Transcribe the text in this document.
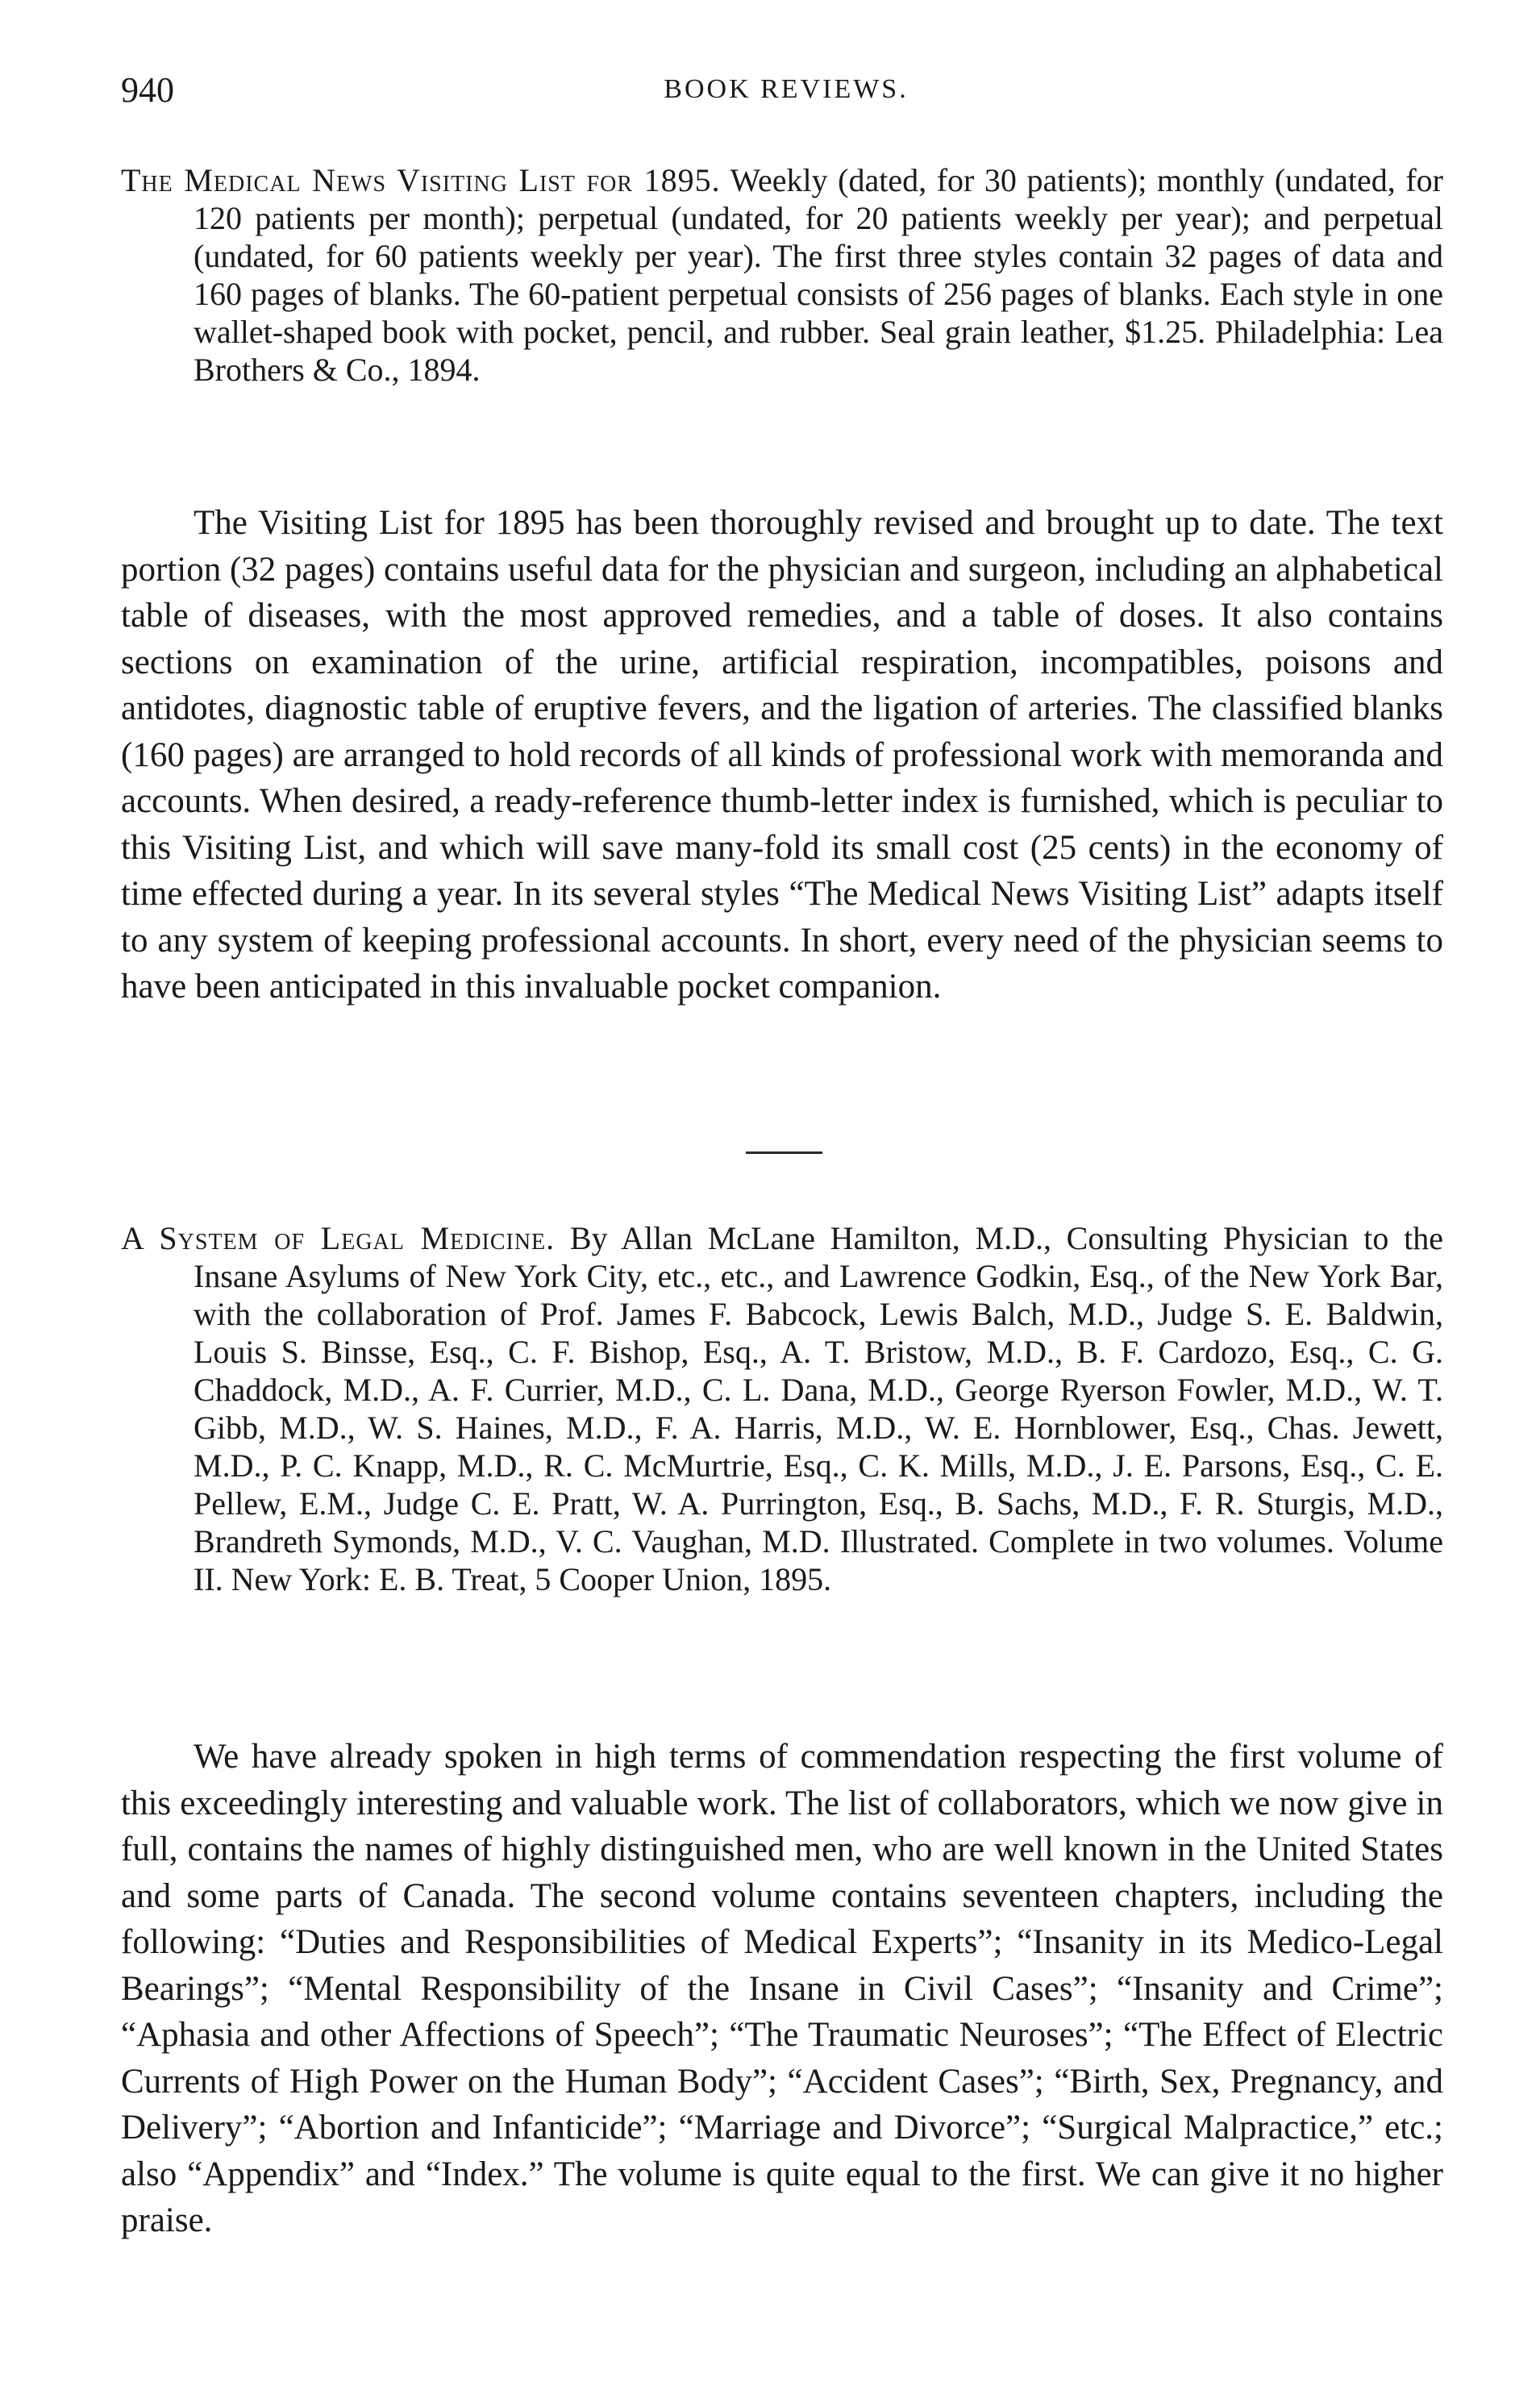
940	BOOK REVIEWS.

The Medical News Visiting List for 1895. Weekly (dated, for 30 patients); monthly (undated, for 120 patients per month); perpetual (undated, for 20 patients weekly per year); and perpetual (undated, for 60 patients weekly per year). The first three styles contain 32 pages of data and 160 pages of blanks. The 60-patient perpetual consists of 256 pages of blanks. Each style in one wallet-shaped book with pocket, pencil, and rubber. Seal grain leather, $1.25. Philadelphia: Lea Brothers & Co., 1894.

The Visiting List for 1895 has been thoroughly revised and brought up to date. The text portion (32 pages) contains useful data for the physician and surgeon, including an alphabetical table of diseases, with the most approved remedies, and a table of doses. It also contains sections on examination of the urine, artificial respiration, incompatibles, poisons and antidotes, diagnostic table of eruptive fevers, and the ligation of arteries. The classified blanks (160 pages) are arranged to hold records of all kinds of professional work with memoranda and accounts. When desired, a ready-reference thumb-letter index is furnished, which is peculiar to this Visiting List, and which will save many-fold its small cost (25 cents) in the economy of time effected during a year. In its several styles “The Medical News Visiting List” adapts itself to any system of keeping professional accounts. In short, every need of the physician seems to have been anticipated in this invaluable pocket companion.

A System of Legal Medicine. By Allan McLane Hamilton, M.D., Consulting Physician to the Insane Asylums of New York City, etc., etc., and Lawrence Godkin, Esq., of the New York Bar, with the collaboration of Prof. James F. Babcock, Lewis Balch, M.D., Judge S. E. Baldwin, Louis S. Binsse, Esq., C. F. Bishop, Esq., A. T. Bristow, M.D., B. F. Cardozo, Esq., C. G. Chaddock, M.D., A. F. Currier, M.D., C. L. Dana, M.D., George Ryerson Fowler, M.D., W. T. Gibb, M.D., W. S. Haines, M.D., F. A. Harris, M.D., W. E. Hornblower, Esq., Chas. Jewett, M.D., P. C. Knapp, M.D., R. C. McMurtrie, Esq., C. K. Mills, M.D., J. E. Parsons, Esq., C. E. Pellew, E.M., Judge C. E. Pratt, W. A. Purrington, Esq., B. Sachs, M.D., F. R. Sturgis, M.D., Brandreth Symonds, M.D., V. C. Vaughan, M.D. Illustrated. Complete in two volumes. Volume II. New York: E. B. Treat, 5 Cooper Union, 1895.

We have already spoken in high terms of commendation respecting the first volume of this exceedingly interesting and valuable work. The list of collaborators, which we now give in full, contains the names of highly distinguished men, who are well known in the United States and some parts of Canada. The second volume contains seventeen chapters, including the following: “Duties and Responsibilities of Medical Experts”; “Insanity in its Medico-Legal Bearings”; “Mental Responsibility of the Insane in Civil Cases”; “Insanity and Crime”; “Aphasia and other Affections of Speech”; “The Traumatic Neuroses”; “The Effect of Electric Currents of High Power on the Human Body”; “Accident Cases”; “Birth, Sex, Pregnancy, and Delivery”; “Abortion and Infanticide”; “Marriage and Divorce”; “Surgical Malpractice,” etc.; also “Appendix” and “Index.” The volume is quite equal to the first. We can give it no higher praise.
